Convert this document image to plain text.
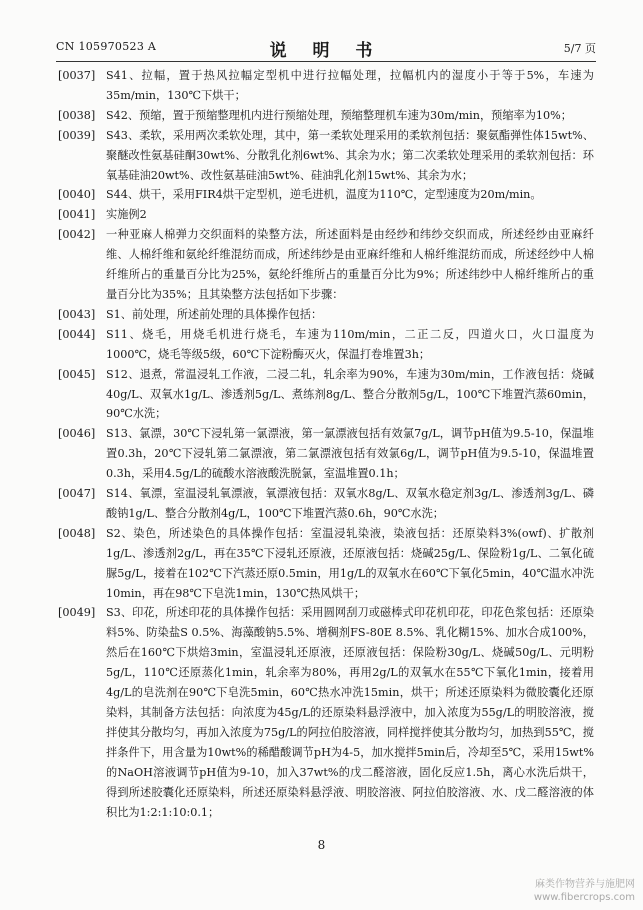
CN 105970523 A	说 明 书	5/7 页
[0037] S41、拉幅，置于热风拉幅定型机中进行拉幅处理，拉幅机内的湿度小于等于5%，车速为35m/min，130℃下烘干；
[0038] S42、预缩，置于预缩整理机内进行预缩处理，预缩整理机车速为30m/min，预缩率为10%；
[0039] S43、柔软，采用两次柔软处理，其中，第一柔软处理采用的柔软剂包括：聚氨酯弹性体15wt%、聚醚改性氨基硅酮30wt%、分散乳化剂6wt%、其余为水；第二次柔软处理采用的柔软剂包括：环氧基硅油20wt%、改性氨基硅油5wt%、硅油乳化剂15wt%、其余为水；
[0040] S44、烘干，采用FIR4烘干定型机，逆毛进机，温度为110℃，定型速度为20m/min。
[0041] 实施例2
[0042] 一种亚麻人棉弹力交织面料的染整方法，所述面料是由经纱和纬纱交织而成，所述经纱由亚麻纤维、人棉纤维和氨纶纤维混纺而成，所述纬纱是由亚麻纤维和人棉纤维混纺而成，所述经纱中人棉纤维所占的重量百分比为25%，氨纶纤维所占的重量百分比为9%；所述纬纱中人棉纤维所占的重量百分比为35%；且其染整方法包括如下步骤：
[0043] S1、前处理，所述前处理的具体操作包括：
[0044] S11、烧毛，用烧毛机进行烧毛，车速为110m/min，二正二反，四道火口，火口温度为1000℃，烧毛等级5级，60℃下淀粉酶灭火，保温打卷堆置3h；
[0045] S12、退煮，常温浸轧工作液，二浸二轧，轧余率为90%，车速为30m/min，工作液包括：烧碱40g/L、双氧水1g/L、渗透剂5g/L、煮练剂8g/L、整合分散剂5g/L，100℃下堆置汽蒸60min，90℃水洗；
[0046] S13、氯漂，30℃下浸轧第一氯漂液，第一氯漂液包括有效氯7g/L，调节pH值为9.5-10，保温堆置0.3h，20℃下浸轧第二氯漂液，第二氯漂液包括有效氯6g/L，调节pH值为9.5-10，保温堆置0.3h，采用4.5g/L的硫酸水溶液酸洗脱氯，室温堆置0.1h；
[0047] S14、氧漂，室温浸轧氧漂液，氧漂液包括：双氧水8g/L、双氧水稳定剂3g/L、渗透剂3g/L、磷酸钠1g/L、整合分散剂4g/L，100℃下堆置汽蒸0.6h，90℃水洗；
[0048] S2、染色，所述染色的具体操作包括：室温浸轧染液，染液包括：还原染料3%(owf)、扩散剂1g/L、渗透剂2g/L，再在35℃下浸轧还原液，还原液包括：烧碱25g/L、保险粉1g/L、二氧化硫脲5g/L，接着在102℃下汽蒸还原0.5min，用1g/L的双氧水在60℃下氧化5min，40℃温水冲洗10min，再在98℃下皂洗1min，130℃热风烘干；
[0049] S3、印花，所述印花的具体操作包括：采用圆网刮刀或磁棒式印花机印花，印花色浆包括：还原染料5%、防染盐S 0.5%、海藻酸钠5.5%、增稠剂FS-80E 8.5%、乳化糊15%、加水合成100%，然后在160℃下烘焙3min，室温浸轧还原液，还原液包括：保险粉30g/L、烧碱50g/L、元明粉5g/L，110℃还原蒸化1min，轧余率为80%，再用2g/L的双氧水在55℃下氧化1min，接着用4g/L的皂洗剂在90℃下皂洗5min，60℃热水冲洗15min，烘干；所述还原染料为微胶囊化还原染料，其制备方法包括：向浓度为45g/L的还原染料悬浮液中，加入浓度为55g/L的明胶溶液，搅拌使其分散均匀，再加入浓度为75g/L的阿拉伯胶溶液，同样搅拌使其分散均匀，加热到55℃，搅拌条件下，用含量为10wt%的稀醋酸调节pH为4-5，加水搅拌5min后，冷却至5℃，采用15wt%的NaOH溶液调节pH值为9-10，加入37wt%的戊二醛溶液，固化反应1.5h，离心水洗后烘干，得到所述胶囊化还原染料，所述还原染料悬浮液、明胶溶液、阿拉伯胶溶液、水、戊二醛溶液的体积比为1:2:1:10:0.1；
8
麻类作物营养与施肥网
www.fibercrops.com
